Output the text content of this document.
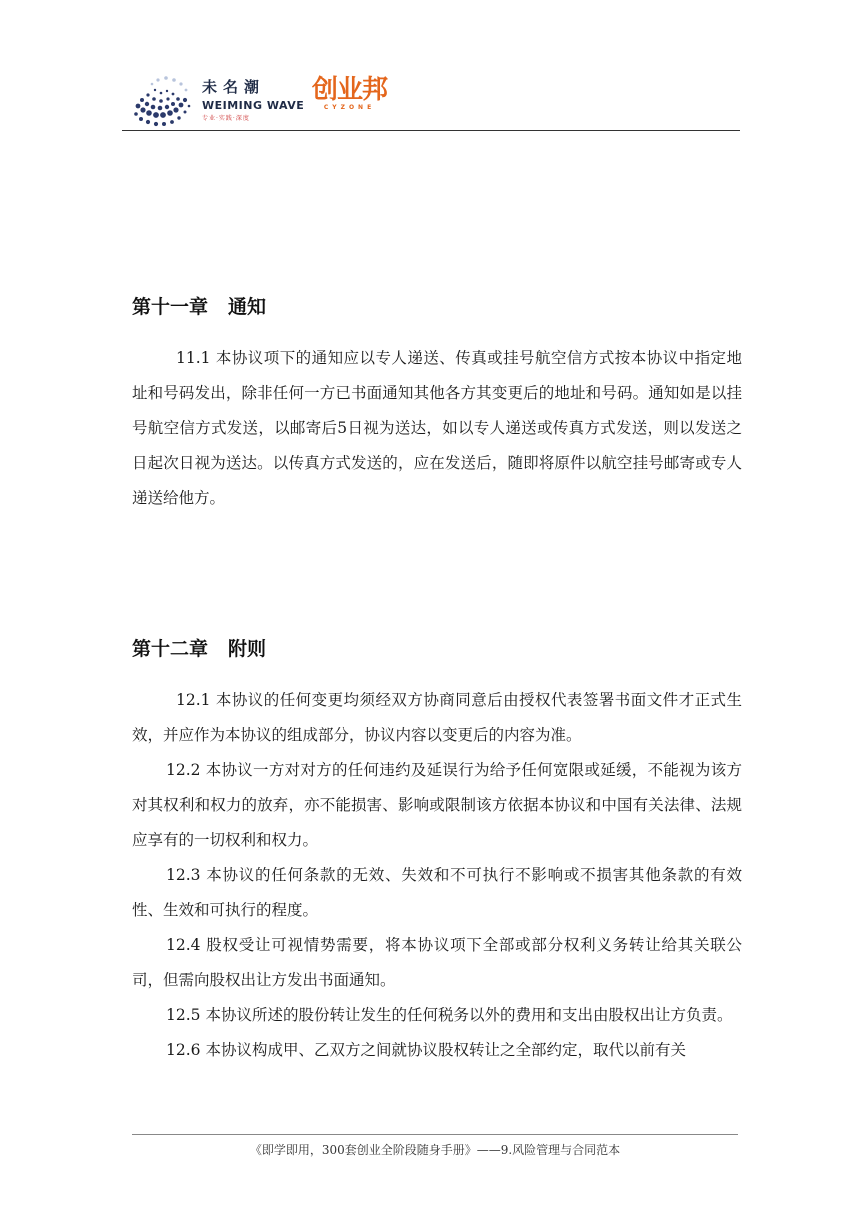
未名潮
WEIMING WAVE
专业·实践·深度
创业邦
CYZONE
第十一章 通知

11.1 本协议项下的通知应以专人递送、传真或挂号航空信方式按本协议中指定地址和号码发出，除非任何一方已书面通知其他各方其变更后的地址和号码。通知如是以挂号航空信方式发送，以邮寄后5日视为送达，如以专人递送或传真方式发送，则以发送之日起次日视为送达。以传真方式发送的，应在发送后，随即将原件以航空挂号邮寄或专人递送给他方。

第十二章 附则

12.1 本协议的任何变更均须经双方协商同意后由授权代表签署书面文件才正式生效，并应作为本协议的组成部分，协议内容以变更后的内容为准。

12.2 本协议一方对对方的任何违约及延误行为给予任何宽限或延缓，不能视为该方对其权利和权力的放弃，亦不能损害、影响或限制该方依据本协议和中国有关法律、法规应享有的一切权利和权力。

12.3 本协议的任何条款的无效、失效和不可执行不影响或不损害其他条款的有效性、生效和可执行的程度。

12.4 股权受让可视情势需要，将本协议项下全部或部分权利义务转让给其关联公司，但需向股权出让方发出书面通知。

12.5 本协议所述的股份转让发生的任何税务以外的费用和支出由股权出让方负责。

12.6 本协议构成甲、乙双方之间就协议股权转让之全部约定，取代以前有关

《即学即用，300套创业全阶段随身手册》——9.风险管理与合同范本
